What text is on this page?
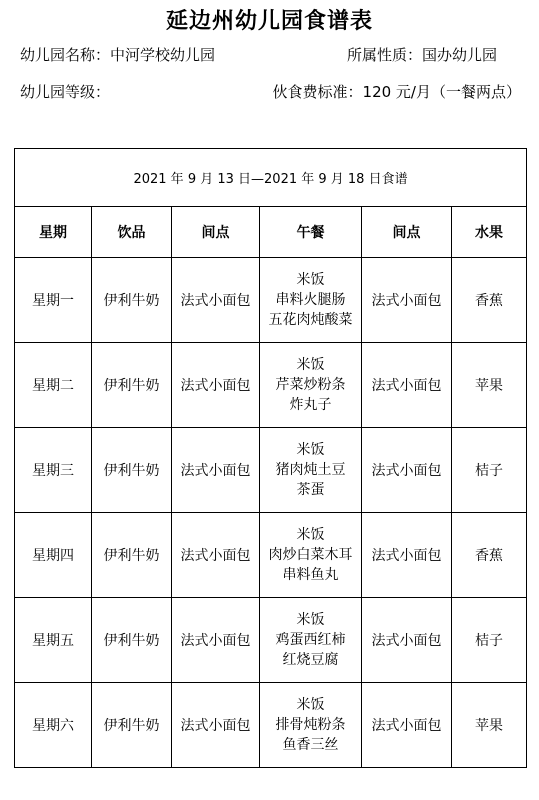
延边州幼儿园食谱表
幼儿园名称：中河学校幼儿园	所属性质：国办幼儿园
幼儿园等级：	伙食费标准：120 元/月（一餐两点）
2021 年 9 月 13 日—2021 年 9 月 18 日食谱					
星期	饮品	间点	午餐	间点	水果
星期一	伊利牛奶	法式小面包	米饭
串料火腿肠
五花肉炖酸菜	法式小面包	香蕉
星期二	伊利牛奶	法式小面包	米饭
芹菜炒粉条
炸丸子	法式小面包	苹果
星期三	伊利牛奶	法式小面包	米饭
猪肉炖土豆
茶蛋	法式小面包	桔子
星期四	伊利牛奶	法式小面包	米饭
肉炒白菜木耳
串料鱼丸	法式小面包	香蕉
星期五	伊利牛奶	法式小面包	米饭
鸡蛋西红柿
红烧豆腐	法式小面包	桔子
星期六	伊利牛奶	法式小面包	米饭
排骨炖粉条
鱼香三丝	法式小面包	苹果
